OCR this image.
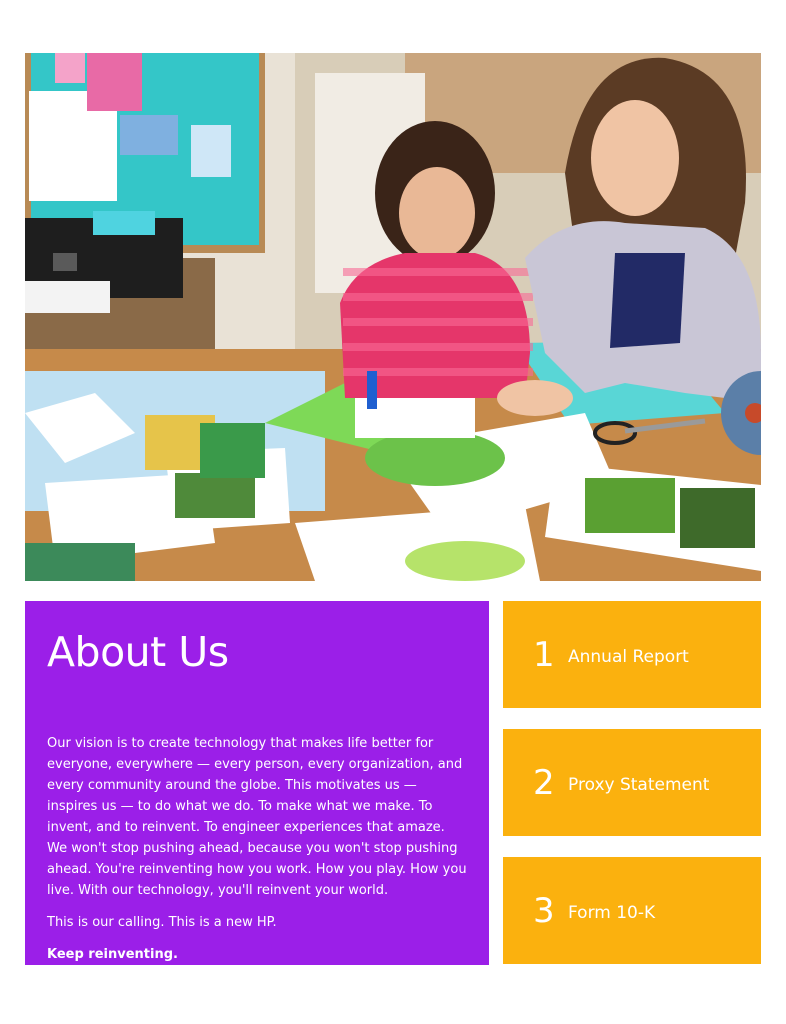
About Us

Our vision is to create technology that makes life better for everyone, everywhere — every person, every organization, and every community around the globe. This motivates us — inspires us — to do what we do. To make what we make. To invent, and to reinvent. To engineer experiences that amaze. We won't stop pushing ahead, because you won't stop pushing ahead. You're reinventing how you work. How you play. How you live. With our technology, you'll reinvent your world.

This is our calling. This is a new HP.

Keep reinventing.

1 Annual Report
2 Proxy Statement
3 Form 10-K
